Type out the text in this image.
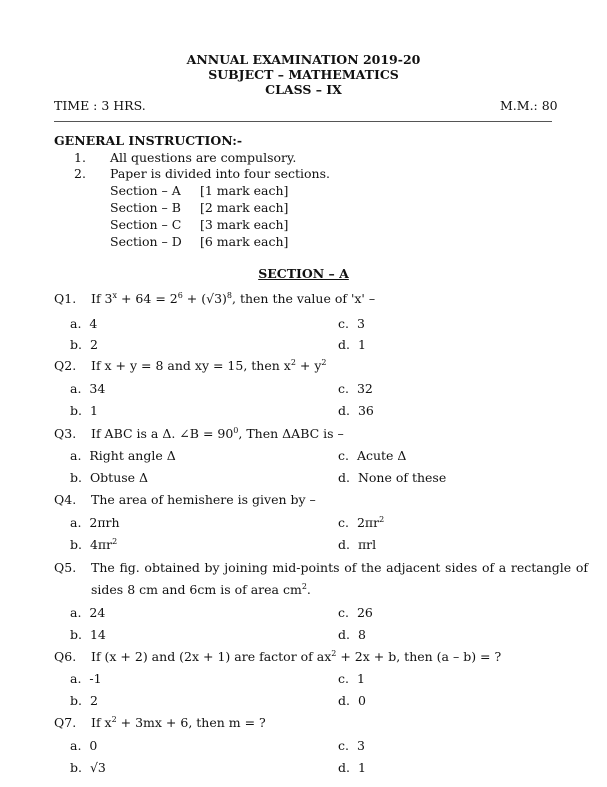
ANNUAL EXAMINATION 2019-20
SUBJECT – MATHEMATICS
CLASS – IX
TIME : 3 HRS.	M.M.: 80
GENERAL INSTRUCTION:-
1. All questions are compulsory.
2. Paper is divided into four sections.
Section – A [1 mark each]
Section – B [2 mark each]
Section – C [3 mark each]
Section – D [6 mark each]
SECTION – A
Q1. If $3^x + 64 = 2^6 + (√3)^8$, then the value of 'x' –
a. 4	c. 3
b. 2	d. 1
Q2. If x + y = 8 and xy = 15, then $x^2 + y^2$
a. 34	c. 32
b. 1	d. 36
Q3. If ABC is a Δ. ∠B = $90^0$, Then ΔABC is –
a. Right angle Δ	c. Acute Δ
b. Obtuse Δ	d. None of these
Q4. The area of hemishere is given by –
a. 2πrh	c. $2\pi r^2$
b. $4\pi r^2$	d. πrl
Q5. The fig. obtained by joining mid-points of the adjacent sides of a rectangle of
sides 8 cm and 6cm is of area $cm^2$.
a. 24	c. 26
b. 14	d. 8
Q6. If (x + 2) and (2x + 1) are factor of $ax^2 + 2x + b$, then (a – b) = ?
a. -1	c. 1
b. 2	d. 0
Q7. If $x^2 + 3mx + 6$, then m = ?
a. 0	c. 3
b. √3	d. 1
